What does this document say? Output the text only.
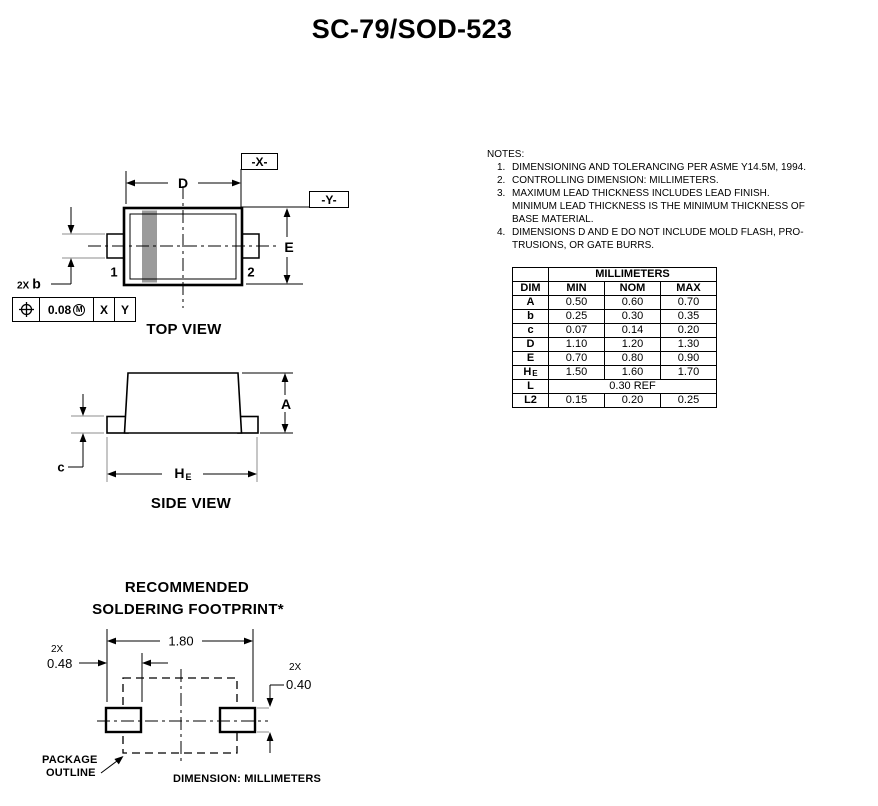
SC-79/SOD-523
D
-X-
-Y-
E
1	2
2X b
0.08 M X Y
TOP VIEW
A
c	HE
SIDE VIEW
RECOMMENDED
SOLDERING FOOTPRINT*
1.80
2X
0.48	2X
0.40
PACKAGE
OUTLINE	DIMENSION: MILLIMETERS
NOTES:
1. DIMENSIONING AND TOLERANCING PER ASME Y14.5M, 1994.
2. CONTROLLING DIMENSION: MILLIMETERS.
3. MAXIMUM LEAD THICKNESS INCLUDES LEAD FINISH.
MINIMUM LEAD THICKNESS IS THE MINIMUM THICKNESS OF
BASE MATERIAL.
4. DIMENSIONS D AND E DO NOT INCLUDE MOLD FLASH, PRO-
TRUSIONS, OR GATE BURRS.
	MILLIMETERS		
DIM	MIN	NOM	MAX
A	0.50	0.60	0.70
b	0.25	0.30	0.35
c	0.07	0.14	0.20
D	1.10	1.20	1.30
E	0.70	0.80	0.90
HE	1.50	1.60	1.70
L	0.30 REF		
L2	0.15	0.20	0.25
